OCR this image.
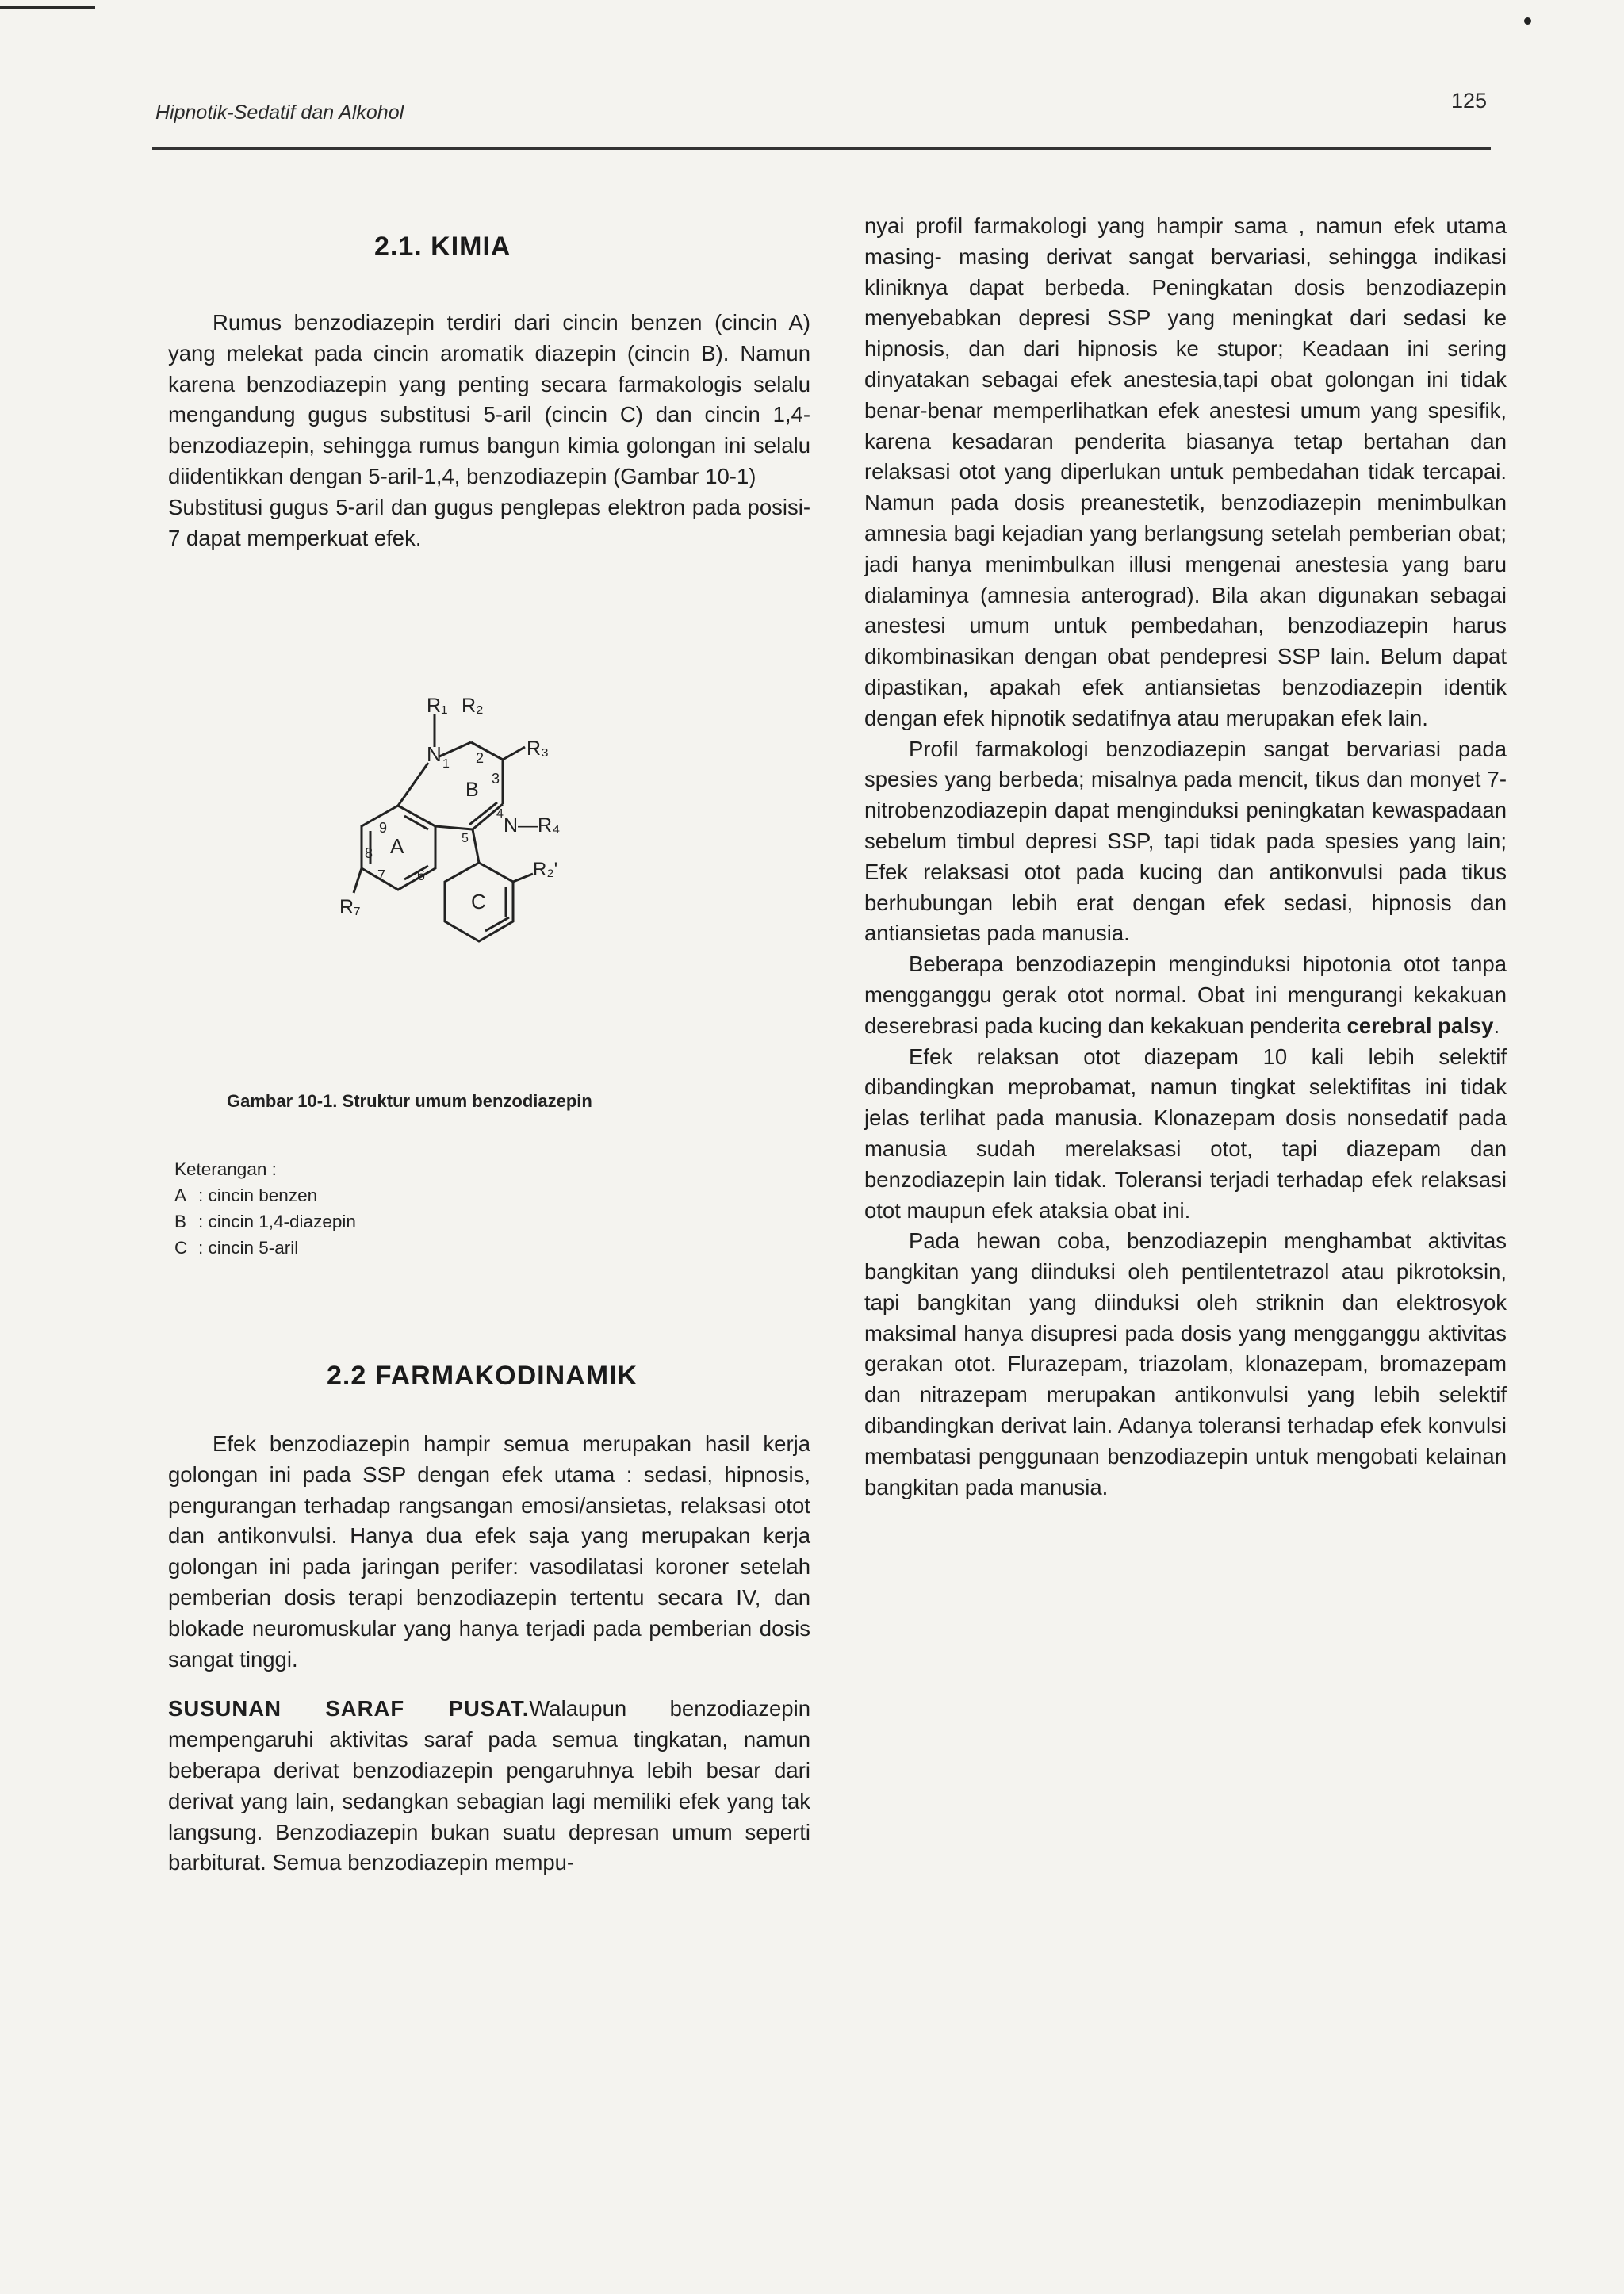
Hipnotik-Sedatif dan Alkohol	125
2.1. KIMIA

Rumus benzodiazepin terdiri dari cincin benzen (cincin A) yang melekat pada cincin aromatik diazepin (cincin B). Namun karena benzodiazepin yang penting secara farmakologis selalu mengandung gugus substitusi 5-aril (cincin C) dan cincin 1,4-benzodiazepin, sehingga rumus bangun kimia golongan ini selalu diidentikkan dengan 5-aril-1,4, benzodiazepin (Gambar 10-1)

Substitusi gugus 5-aril dan gugus penglepas elektron pada posisi- 7 dapat memperkuat efek.

R₁ R₂
N 1 2
3
R₃
B
4
N—R₄
5
9
A
8
7 6	R₂'
R₇	C
Gambar 10-1. Struktur umum benzodiazepin
Keterangan :
A : cincin benzen
B : cincin 1,4-diazepin
C : cincin 5-aril
2.2 FARMAKODINAMIK

Efek benzodiazepin hampir semua merupakan hasil kerja golongan ini pada SSP dengan efek utama : sedasi, hipnosis, pengurangan terhadap rangsangan emosi/ansietas, relaksasi otot dan antikonvulsi. Hanya dua efek saja yang merupakan kerja golongan ini pada jaringan perifer: vasodilatasi koroner setelah pemberian dosis terapi benzodiazepin tertentu secara IV, dan blokade neuromuskular yang hanya terjadi pada pemberian dosis sangat tinggi.

SUSUNAN SARAF PUSAT.Walaupun benzodiazepin mempengaruhi aktivitas saraf pada semua tingkatan, namun beberapa derivat benzodiazepin pengaruhnya lebih besar dari derivat yang lain, sedangkan sebagian lagi memiliki efek yang tak langsung. Benzodiazepin bukan suatu depresan umum seperti barbiturat. Semua benzodiazepin mempu-

nyai profil farmakologi yang hampir sama , namun efek utama masing- masing derivat sangat bervariasi, sehingga indikasi kliniknya dapat berbeda. Peningkatan dosis benzodiazepin menyebabkan depresi SSP yang meningkat dari sedasi ke hipnosis, dan dari hipnosis ke stupor; Keadaan ini sering dinyatakan sebagai efek anestesia,tapi obat golongan ini tidak benar-benar memperlihatkan efek anestesi umum yang spesifik, karena kesadaran penderita biasanya tetap bertahan dan relaksasi otot yang diperlukan untuk pembedahan tidak tercapai. Namun pada dosis preanestetik, benzodiazepin menimbulkan amnesia bagi kejadian yang berlangsung setelah pemberian obat; jadi hanya menimbulkan illusi mengenai anestesia yang baru dialaminya (amnesia anterograd). Bila akan digunakan sebagai anestesi umum untuk pembedahan, benzodiazepin harus dikombinasikan dengan obat pendepresi SSP lain. Belum dapat dipastikan, apakah efek antiansietas benzodiazepin identik dengan efek hipnotik sedatifnya atau merupakan efek lain.

Profil farmakologi benzodiazepin sangat bervariasi pada spesies yang berbeda; misalnya pada mencit, tikus dan monyet 7- nitrobenzodiazepin dapat menginduksi peningkatan kewaspadaan sebelum timbul depresi SSP, tapi tidak pada spesies yang lain; Efek relaksasi otot pada kucing dan antikonvulsi pada tikus berhubungan lebih erat dengan efek sedasi, hipnosis dan antiansietas pada manusia.

Beberapa benzodiazepin menginduksi hipotonia otot tanpa mengganggu gerak otot normal. Obat ini mengurangi kekakuan deserebrasi pada kucing dan kekakuan penderita cerebral palsy.

Efek relaksan otot diazepam 10 kali lebih selektif dibandingkan meprobamat, namun tingkat selektifitas ini tidak jelas terlihat pada manusia. Klonazepam dosis nonsedatif pada manusia sudah merelaksasi otot, tapi diazepam dan benzodiazepin lain tidak. Toleransi terjadi terhadap efek relaksasi otot maupun efek ataksia obat ini.

Pada hewan coba, benzodiazepin menghambat aktivitas bangkitan yang diinduksi oleh pentilentetrazol atau pikrotoksin, tapi bangkitan yang diinduksi oleh striknin dan elektrosyok maksimal hanya disupresi pada dosis yang mengganggu aktivitas gerakan otot. Flurazepam, triazolam, klonazepam, bromazepam dan nitrazepam merupakan antikonvulsi yang lebih selektif dibandingkan derivat lain. Adanya toleransi terhadap efek konvulsi membatasi penggunaan benzodiazepin untuk mengobati kelainan bangkitan pada manusia.
